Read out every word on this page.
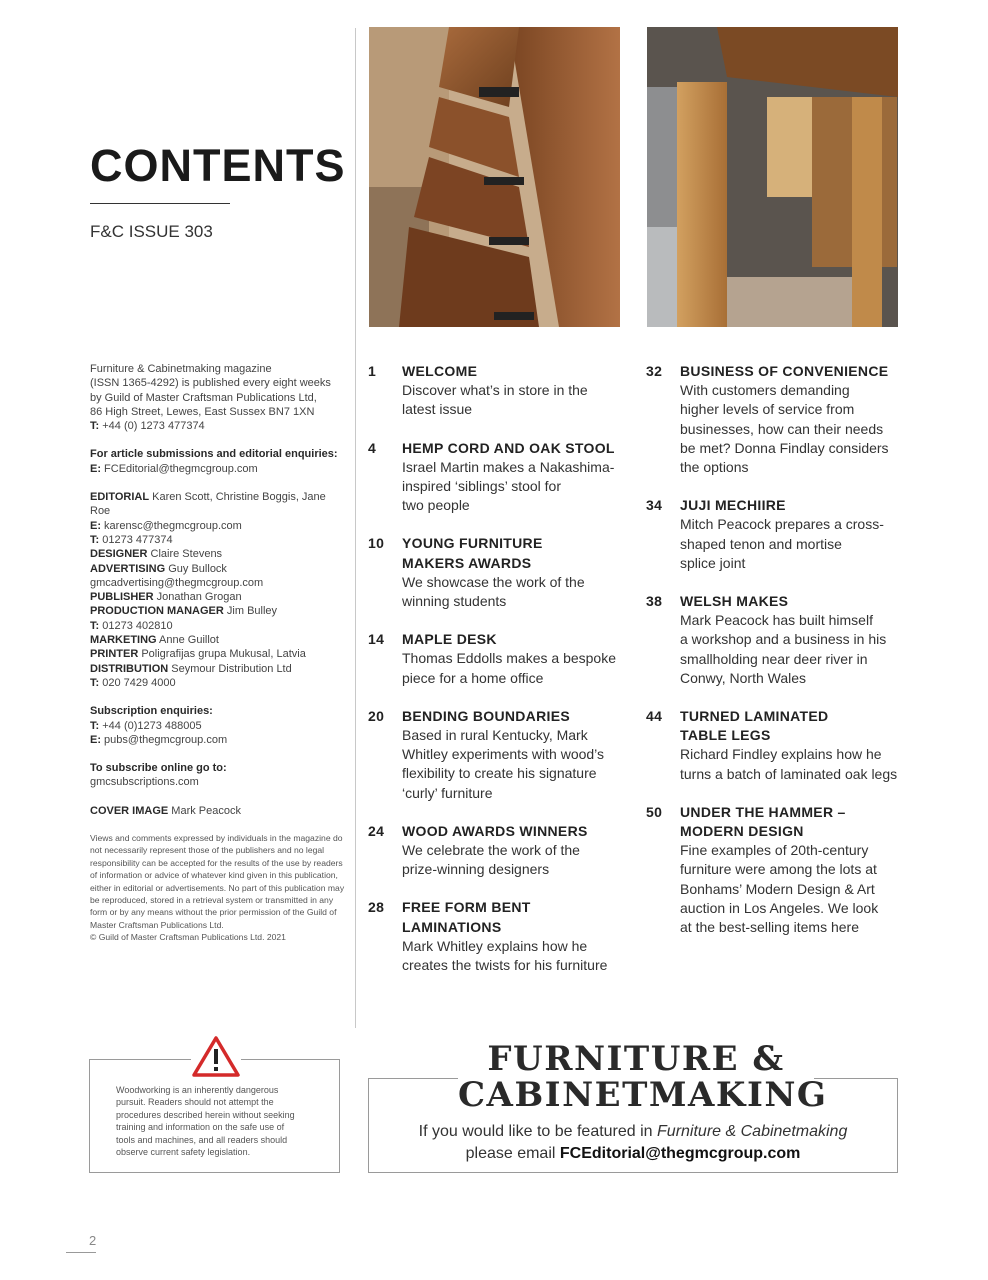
CONTENTS
F&C ISSUE 303

Furniture & Cabinetmaking magazine
(ISSN 1365-4292) is published every eight weeks
by Guild of Master Craftsman Publications Ltd,
86 High Street, Lewes, East Sussex BN7 1XN
T: +44 (0) 1273 477374

For article submissions and editorial enquiries:
E: FCEditorial@thegmcgroup.com

EDITORIAL Karen Scott, Christine Boggis, Jane Roe
E: karensc@thegmcgroup.com
T: 01273 477374
DESIGNER Claire Stevens
ADVERTISING Guy Bullock
gmcadvertising@thegmcgroup.com
PUBLISHER Jonathan Grogan
PRODUCTION MANAGER Jim Bulley
T: 01273 402810
MARKETING Anne Guillot
PRINTER Poligrafijas grupa Mukusal, Latvia
DISTRIBUTION Seymour Distribution Ltd
T: 020 7429 4000

Subscription enquiries:
T: +44 (0)1273 488005
E: pubs@thegmcgroup.com

To subscribe online go to:
gmcsubscriptions.com

COVER IMAGE Mark Peacock

Views and comments expressed by individuals in the magazine do not necessarily represent those of the publishers and no legal responsibility can be accepted for the results of the use by readers of information or advice of whatever kind given in this publication, either in editorial or advertisements. No part of this publication may be reproduced, stored in a retrieval system or transmitted in any form or by any means without the prior permission of the Guild of Master Craftsman Publications Ltd.
© Guild of Master Craftsman Publications Ltd. 2021

1	WELCOME
Discover what’s in store in the
latest issue
4	HEMP CORD AND OAK STOOL
Israel Martin makes a Nakashima-
inspired ‘siblings’ stool for
two people
10	YOUNG FURNITURE
MAKERS AWARDS
We showcase the work of the
winning students
14	MAPLE DESK
Thomas Eddolls makes a bespoke
piece for a home office
20	BENDING BOUNDARIES
Based in rural Kentucky, Mark
Whitley experiments with wood’s
flexibility to create his signature
‘curly’ furniture
24	WOOD AWARDS WINNERS
We celebrate the work of the
prize-winning designers
28	FREE FORM BENT
LAMINATIONS
Mark Whitley explains how he
creates the twists for his furniture
32	BUSINESS OF CONVENIENCE
With customers demanding
higher levels of service from
businesses, how can their needs
be met? Donna Findlay considers
the options
34	JUJI MECHIIRE
Mitch Peacock prepares a cross-
shaped tenon and mortise
splice joint
38	WELSH MAKES
Mark Peacock has built himself
a workshop and a business in his
smallholding near deer river in
Conwy, North Wales
44	TURNED LAMINATED
TABLE LEGS
Richard Findley explains how he
turns a batch of laminated oak legs
50	UNDER THE HAMMER –
MODERN DESIGN
Fine examples of 20th-century
furniture were among the lots at
Bonhams’ Modern Design & Art
auction in Los Angeles. We look
at the best-selling items here
Woodworking is an inherently dangerous
pursuit. Readers should not attempt the
procedures described herein without seeking
training and information on the safe use of
tools and machines, and all readers should
observe current safety legislation.
FURNITURE &
CABINETMAKING
If you would like to be featured in Furniture & Cabinetmaking
please email FCEditorial@thegmcgroup.com
2
